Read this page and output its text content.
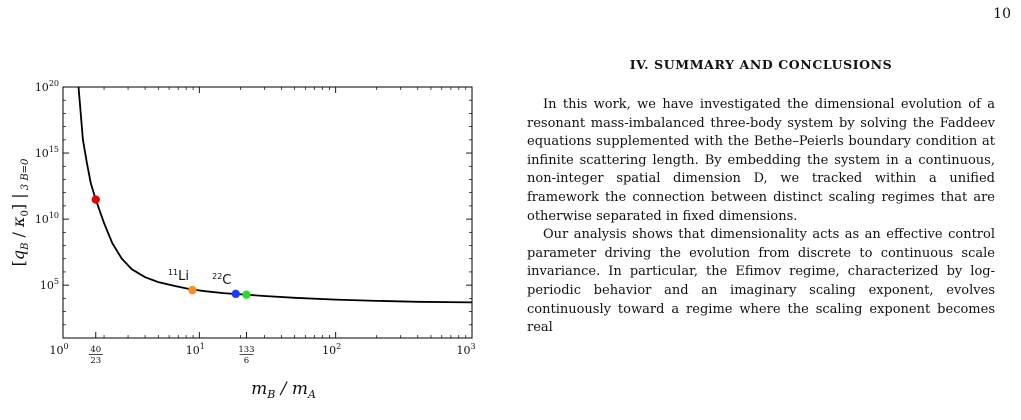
10
$10^0$	$10^1$	$10^2$	$10^3$
40
23
133
6
$10^5$
$10^{10}$
$10^{15}$
$10^{20}$
$m_B / m_A$
$[q_B / \kappa_0]$ | $_{3 B=0}$
$^{11}$Li	$^{22}$C
IV. SUMMARY AND CONCLUSIONS

In this work, we have investigated the dimensional evolution of a resonant mass-imbalanced three-body system by solving the Faddeev equations supplemented with the Bethe–Peierls boundary condition at infinite scattering length. By embedding the system in a continuous, non-integer spatial dimension D, we tracked within a unified framework the connection between distinct scaling regimes that are otherwise separated in fixed dimensions.

Our analysis shows that dimensionality acts as an effective control parameter driving the evolution from discrete to continuous scale invariance. In particular, the Efimov regime, characterized by log-periodic behavior and an imaginary scaling exponent, evolves continuously toward a regime where the scaling exponent becomes real
